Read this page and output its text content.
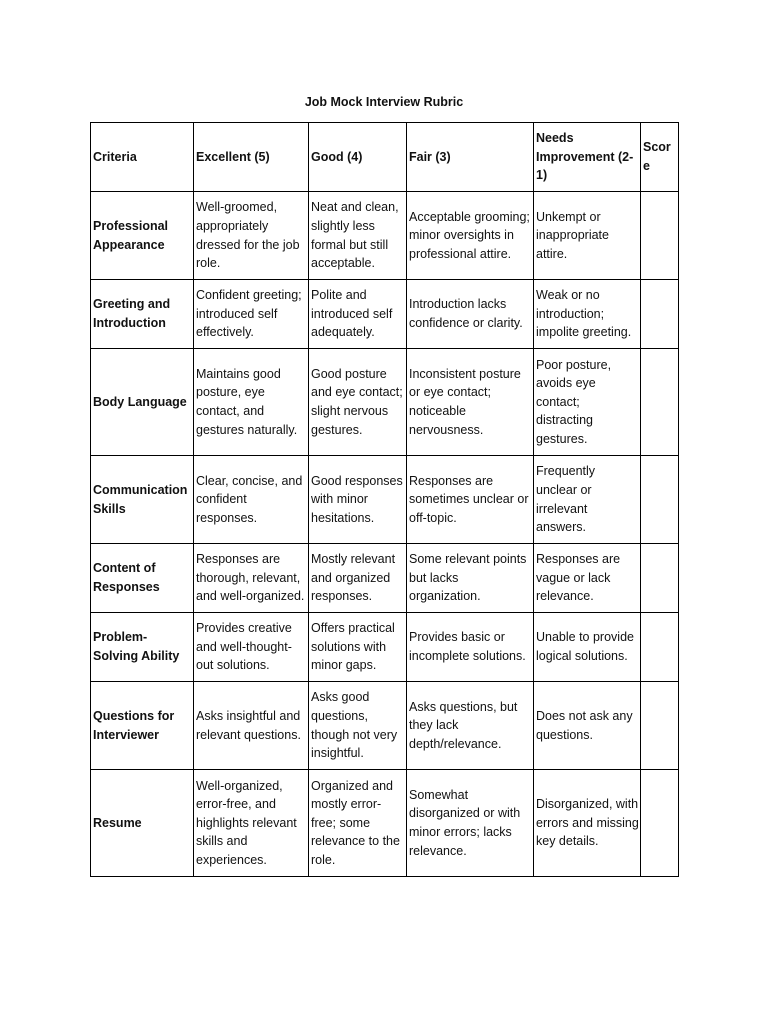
Job Mock Interview Rubric
Criteria	Excellent (5)	Good (4)	Fair (3)	Needs Improvement (2-1)	Score
Professional Appearance	Well-groomed, appropriately dressed for the job role.	Neat and clean, slightly less formal but still acceptable.	Acceptable grooming; minor oversights in professional attire.	Unkempt or inappropriate attire.	
Greeting and Introduction	Confident greeting; introduced self effectively.	Polite and introduced self adequately.	Introduction lacks confidence or clarity.	Weak or no introduction; impolite greeting.	
Body Language	Maintains good posture, eye contact, and gestures naturally.	Good posture and eye contact; slight nervous gestures.	Inconsistent posture or eye contact; noticeable nervousness.	Poor posture, avoids eye contact; distracting gestures.	
Communication Skills	Clear, concise, and confident responses.	Good responses with minor hesitations.	Responses are sometimes unclear or off-topic.	Frequently unclear or irrelevant answers.	
Content of Responses	Responses are thorough, relevant, and well-organized.	Mostly relevant and organized responses.	Some relevant points but lacks organization.	Responses are vague or lack relevance.	
Problem-Solving Ability	Provides creative and well-thought-out solutions.	Offers practical solutions with minor gaps.	Provides basic or incomplete solutions.	Unable to provide logical solutions.	
Questions for Interviewer	Asks insightful and relevant questions.	Asks good questions, though not very insightful.	Asks questions, but they lack depth/relevance.	Does not ask any questions.	
Resume	Well-organized, error-free, and highlights relevant skills and experiences.	Organized and mostly error-free; some relevance to the role.	Somewhat disorganized or with minor errors; lacks relevance.	Disorganized, with errors and missing key details.	
